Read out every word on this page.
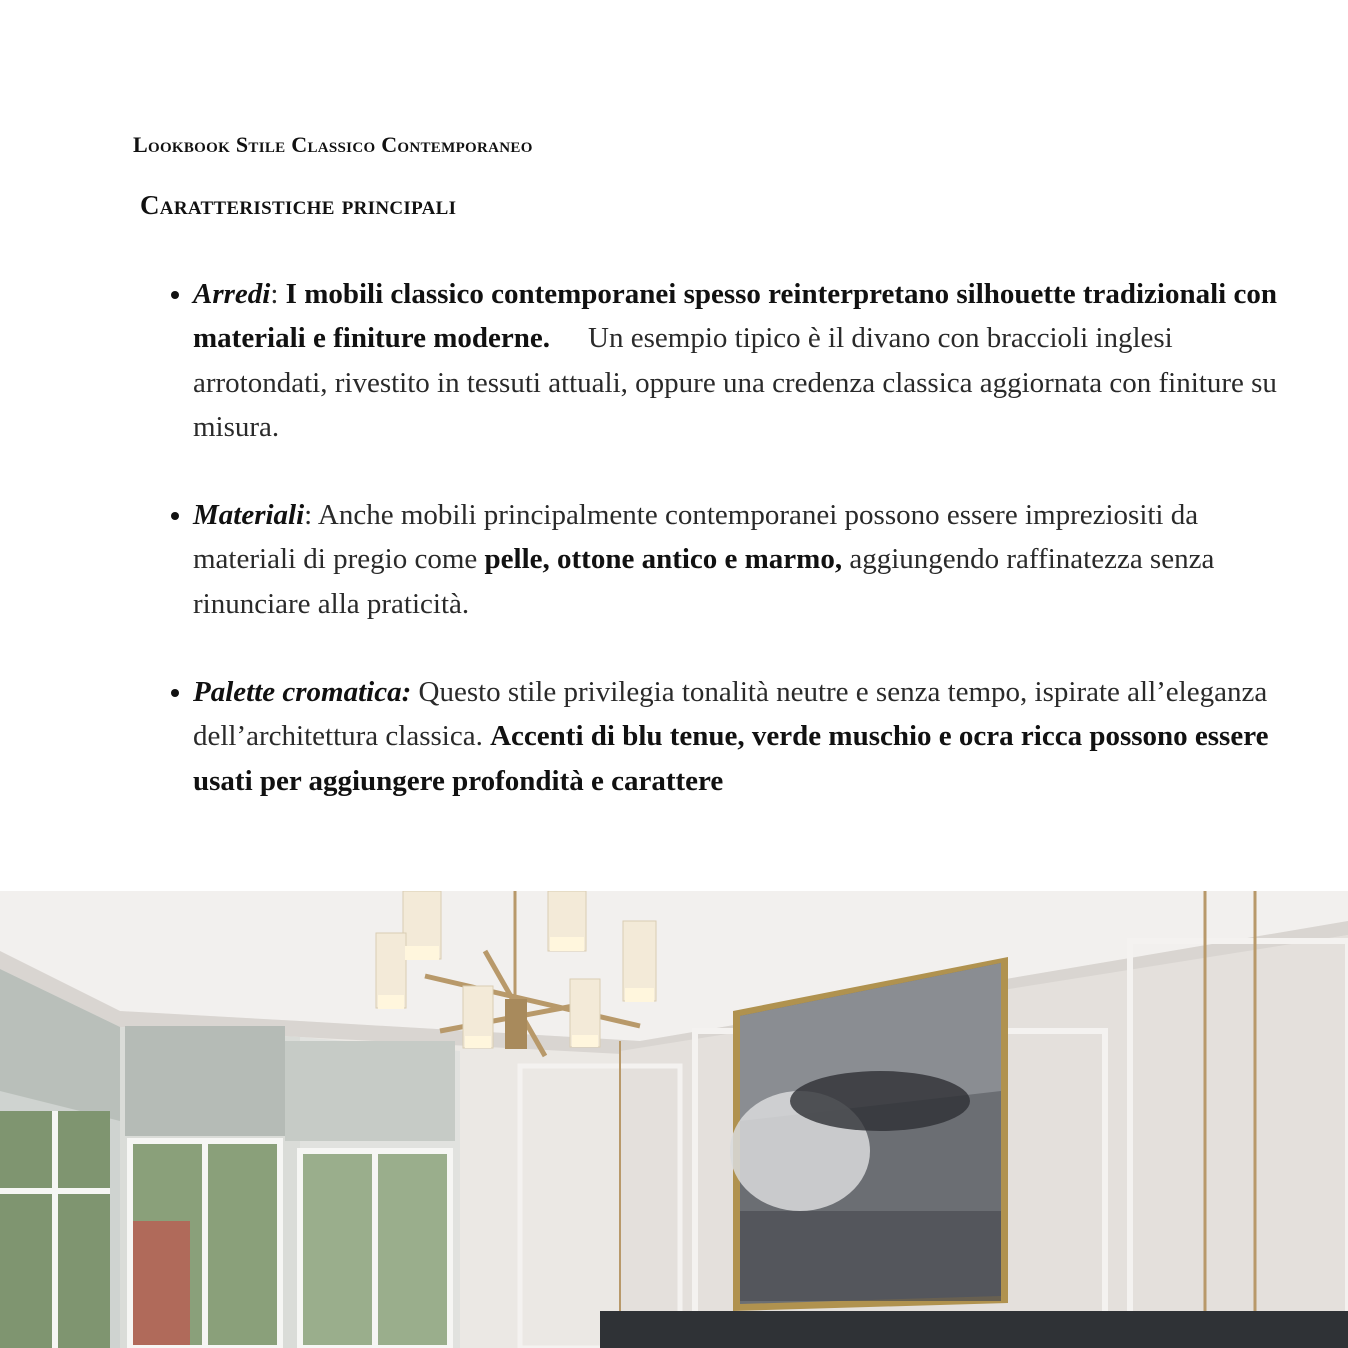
Lookbook Stile Classico Contemporaneo
Caratteristiche principali
Arredi: I mobili classico contemporanei spesso reinterpretano silhouette tradizionali con materiali e finiture moderne. Un esempio tipico è il divano con braccioli inglesi arrotondati, rivestito in tessuti attuali, oppure una credenza classica aggiornata con finiture su misura.
Materiali: Anche mobili principalmente contemporanei possono essere impreziositi da materiali di pregio come pelle, ottone antico e marmo, aggiungendo raffinatezza senza rinunciare alla praticità.
Palette cromatica: Questo stile privilegia tonalità neutre e senza tempo, ispirate all’eleganza dell’architettura classica. Accenti di blu tenue, verde muschio e ocra ricca possono essere usati per aggiungere profondità e carattere
